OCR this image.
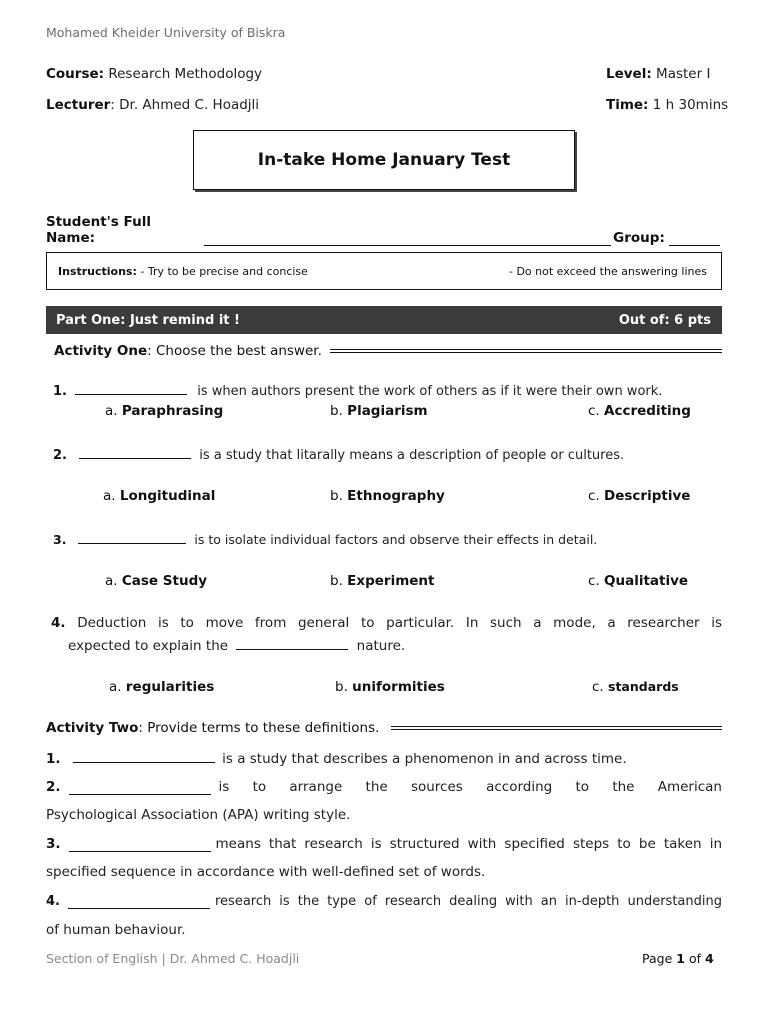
Mohamed Kheider University of Biskra
Course: Research Methodology	Level: Master I
Lecturer: Dr. Ahmed C. Hoadjli	Time: 1 h 30mins
In-take Home January Test
Student's Full Name:	Group:
Instructions: - Try to be precise and concise	- Do not exceed the answering lines
Part One: Just remind it !	Out of: 6 pts
Activity One : Choose the best answer.
1.	is when authors present the work of others as if it were their own work.
a. Paraphrasing	b. Plagiarism	c. Accrediting
2.	is a study that litarally means a description of people or cultures.
a. Longitudinal	b. Ethnography	c. Descriptive
3.	is to isolate individual factors and observe their effects in detail.
a. Case Study	b. Experiment	c. Qualitative
4. Deduction is to move from general to particular. In such a mode, a researcher is
expected to explain the	nature.
a. regularities	b. uniformities	c. standards
Activity Two : Provide terms to these definitions.
1.	is a study that describes a phenomenon in and across time.
2.	is to arrange the sources according to the American
Psychological Association (APA) writing style.
3.	means that research is structured with specified steps to be taken in
specified sequence in accordance with well-defined set of words.
4.	research is the type of research dealing with an in-depth understanding
of human behaviour.
Section of English | Dr. Ahmed C. Hoadjli	Page 1 of 4
